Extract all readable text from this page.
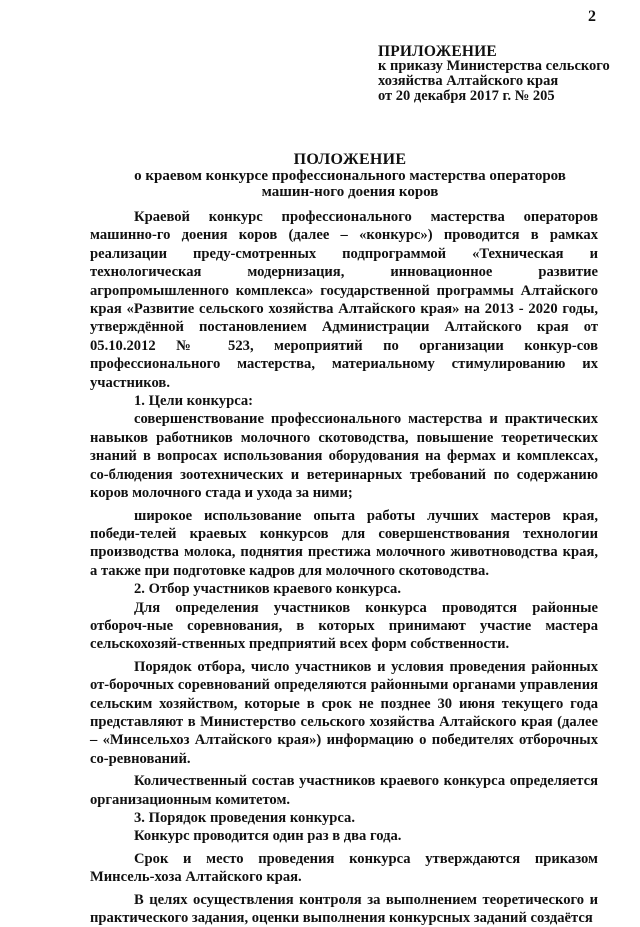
2
ПРИЛОЖЕНИЕ
к приказу Министерства сельского
хозяйства Алтайского края
от 20 декабря 2017 г. № 205
ПОЛОЖЕНИЕ
о краевом конкурсе профессионального мастерства операторов машин-ного доения коров

Краевой конкурс профессионального мастерства операторов машинно-го доения коров (далее – «конкурс») проводится в рамках реализации преду-смотренных подпрограммой «Техническая и технологическая модернизация, инновационное развитие агропромышленного комплекса» государственной программы Алтайского края «Развитие сельского хозяйства Алтайского края» на 2013 - 2020 годы, утверждённой постановлением Администрации Алтайского края от 05.10.2012 № 523, мероприятий по организации конкур-сов профессионального мастерства, материальному стимулированию их участников.

1. Цели конкурса:

совершенствование профессионального мастерства и практических навыков работников молочного скотоводства, повышение теоретических знаний в вопросах использования оборудования на фермах и комплексах, со-блюдения зоотехнических и ветеринарных требований по содержанию коров молочного стада и ухода за ними;

широкое использование опыта работы лучших мастеров края, победи-телей краевых конкурсов для совершенствования технологии производства молока, поднятия престижа молочного животноводства края, а также при подготовке кадров для молочного скотоводства.

2. Отбор участников краевого конкурса.

Для определения участников конкурса проводятся районные отбороч-ные соревнования, в которых принимают участие мастера сельскохозяй-ственных предприятий всех форм собственности.

Порядок отбора, число участников и условия проведения районных от-борочных соревнований определяются районными органами управления сельским хозяйством, которые в срок не позднее 30 июня текущего года представляют в Министерство сельского хозяйства Алтайского края (далее – «Минсельхоз Алтайского края») информацию о победителях отборочных со-ревнований.

Количественный состав участников краевого конкурса определяется организационным комитетом.

3. Порядок проведения конкурса.

Конкурс проводится один раз в два года.

Срок и место проведения конкурса утверждаются приказом Минсель-хоза Алтайского края.

В целях осуществления контроля за выполнением теоретического и практического задания, оценки выполнения конкурсных заданий создаётся
